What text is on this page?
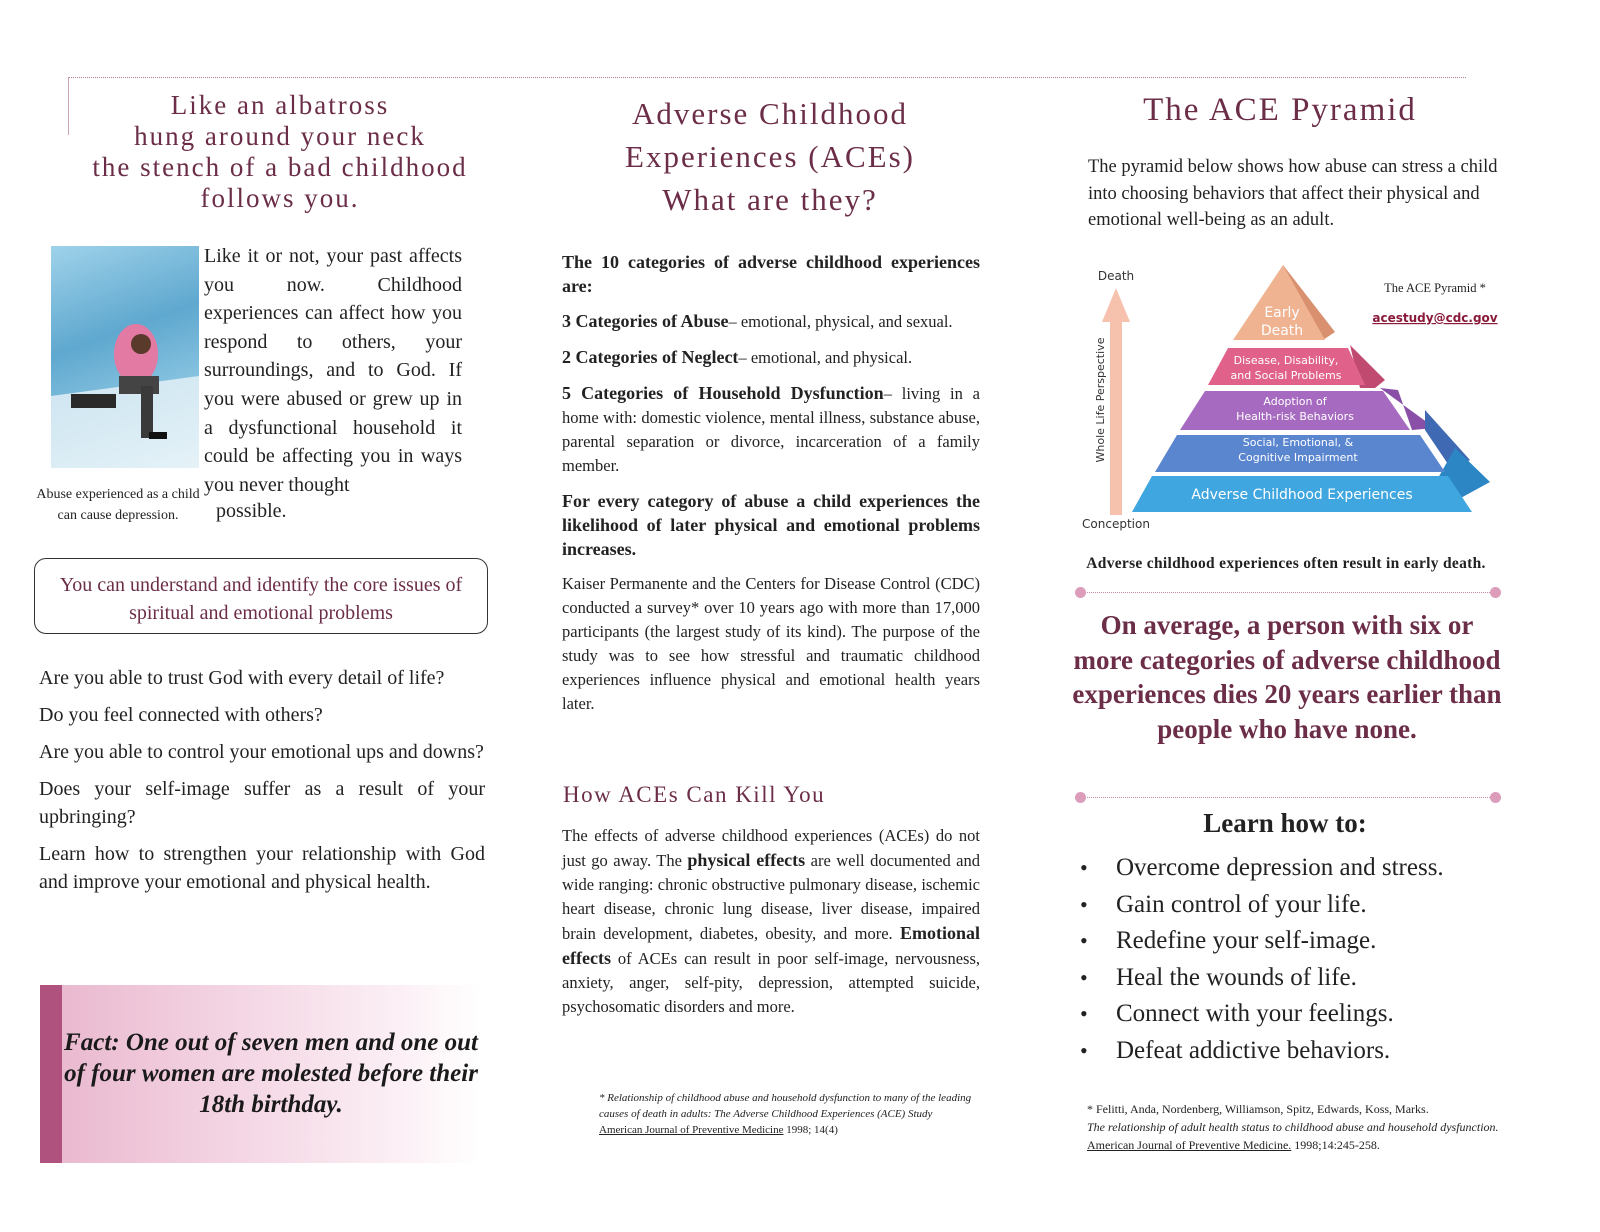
Like an albatross
hung around your neck
the stench of a bad childhood
follows you.
Abuse experienced as a child can cause depression.
Like it or not, your past affects you now. Childhood experiences can affect how you respond to others, your surroundings, and to God. If you were abused or grew up in a dysfunctional household it could be affecting you in ways you never thought
possible.
You can understand and identify the core issues of spiritual and emotional problems

Are you able to trust God with every detail of life?

Do you feel connected with others?

Are you able to control your emotional ups and downs?

Does your self-image suffer as a result of your upbringing?

Learn how to strengthen your relationship with God and improve your emotional and physical health.

Fact: One out of seven men and one out of four women are molested before their 18th birthday.
Adverse Childhood
Experiences (ACEs)
What are they?

The 10 categories of adverse childhood experiences are:

3 Categories of Abuse– emotional, physical, and sexual.

2 Categories of Neglect– emotional, and physical.

5 Categories of Household Dysfunction– living in a home with: domestic violence, mental illness, substance abuse, parental separation or divorce, incarceration of a family member.

For every category of abuse a child experiences the likelihood of later physical and emotional problems increases.

Kaiser Permanente and the Centers for Disease Control (CDC) conducted a survey* over 10 years ago with more than 17,000 participants (the largest study of its kind). The purpose of the study was to see how stressful and traumatic childhood experiences influence physical and emotional health years later.

How ACEs Can Kill You
The effects of adverse childhood experiences (ACEs) do not just go away. The physical effects are well documented and wide ranging: chronic obstructive pulmonary disease, ischemic heart disease, chronic lung disease, liver disease, impaired brain development, diabetes, obesity, and more. Emotional effects of ACEs can result in poor self-image, nervousness, anxiety, anger, self-pity, depression, attempted suicide, psychosomatic disorders and more.
* Relationship of childhood abuse and household dysfunction to many of the leading causes of death in adults: The Adverse Childhood Experiences (ACE) Study
American Journal of Preventive Medicine 1998; 14(4)
The ACE Pyramid
The pyramid below shows how abuse can stress a child into choosing behaviors that affect their physical and emotional well-being as an adult.
Death
Whole Life Perspective
Conception
Early
Death
Disease, Disability,
and Social Problems
Adoption of
Health-risk Behaviors
Social, Emotional, &
Cognitive Impairment
Adverse Childhood Experiences
The ACE Pyramid *
acestudy@cdc.gov
Adverse childhood experiences often result in early death.
On average, a person with six or more categories of adverse childhood experiences dies 20 years earlier than people who have none.
Learn how to:
• Overcome depression and stress.
• Gain control of your life.
• Redefine your self-image.
• Heal the wounds of life.
• Connect with your feelings.
• Defeat addictive behaviors.
* Felitti, Anda, Nordenberg, Williamson, Spitz, Edwards, Koss, Marks.
The relationship of adult health status to childhood abuse and household dysfunction.
American Journal of Preventive Medicine. 1998;14:245-258.
